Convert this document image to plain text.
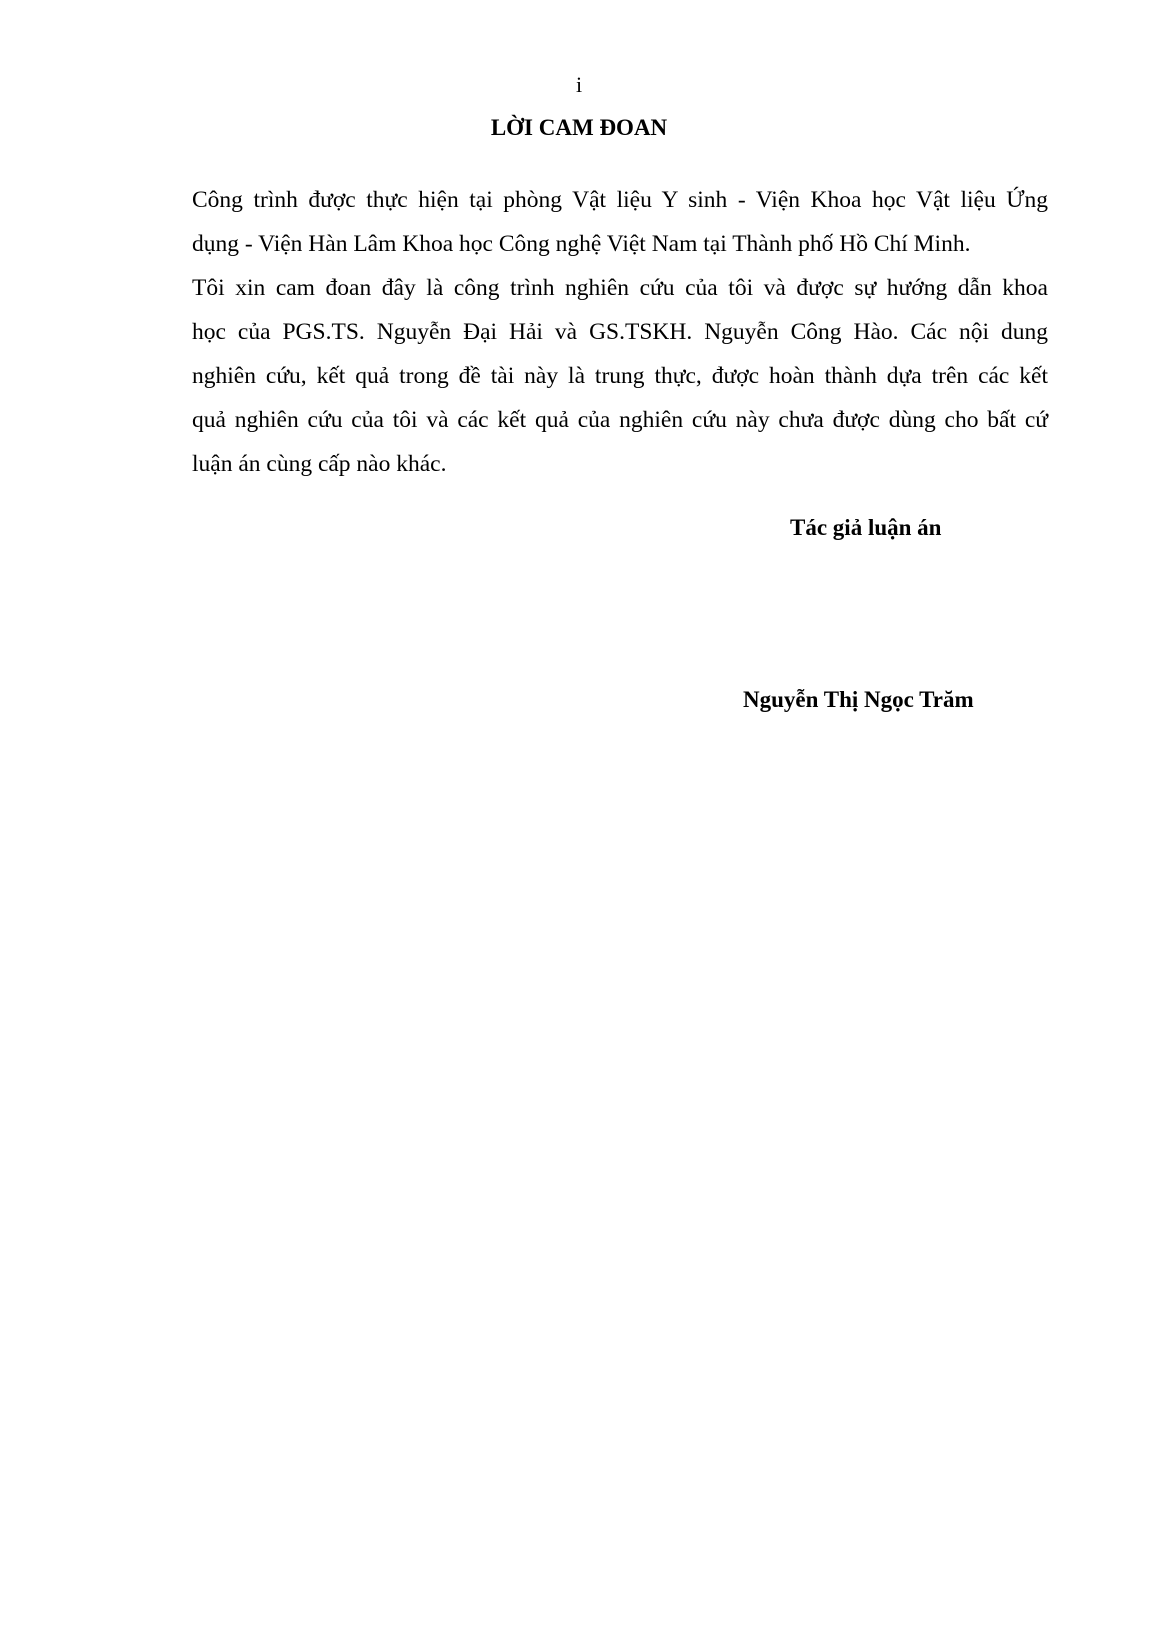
i
LỜI CAM ĐOAN
Công trình được thực hiện tại phòng Vật liệu Y sinh - Viện Khoa học Vật liệu Ứng
dụng - Viện Hàn Lâm Khoa học Công nghệ Việt Nam tại Thành phố Hồ Chí Minh.
Tôi xin cam đoan đây là công trình nghiên cứu của tôi và được sự hướng dẫn khoa
học của PGS.TS. Nguyễn Đại Hải và GS.TSKH. Nguyễn Công Hào. Các nội dung
nghiên cứu, kết quả trong đề tài này là trung thực, được hoàn thành dựa trên các kết
quả nghiên cứu của tôi và các kết quả của nghiên cứu này chưa được dùng cho bất cứ
luận án cùng cấp nào khác.
Tác giả luận án
Nguyễn Thị Ngọc Trăm
